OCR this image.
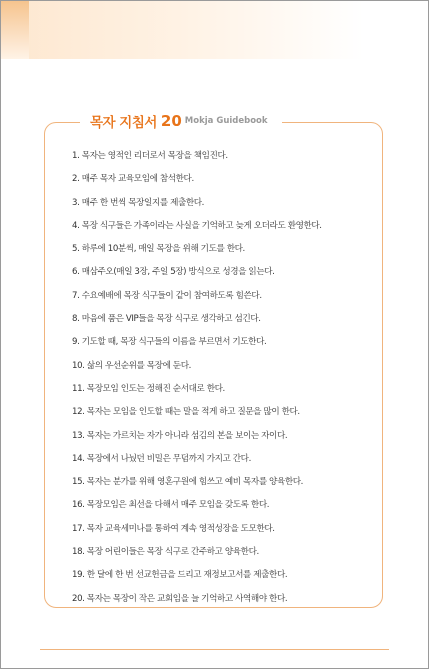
목자 지침서 20 Mokja Guidebook
1. 목자는 영적인 리더로서 목장을 책임진다.
2. 매주 목자 교육모임에 참석한다.
3. 매주 한 번씩 목장일지를 제출한다.
4. 목장 식구들은 가족이라는 사실을 기억하고 늦게 오더라도 환영한다.
5. 하루에 10분씩, 매일 목장을 위해 기도를 한다.
6. 매삼주오(매일 3장, 주일 5장) 방식으로 성경을 읽는다.
7. 수요예배에 목장 식구들이 같이 참여하도록 힘쓴다.
8. 마음에 품은 VIP들을 목장 식구로 생각하고 섬긴다.
9. 기도할 때, 목장 식구들의 이름을 부르면서 기도한다.
10. 삶의 우선순위를 목장에 둔다.
11. 목장모임 인도는 정해진 순서대로 한다.
12. 목자는 모임을 인도할 때는 말을 적게 하고 질문을 많이 한다.
13. 목자는 가르치는 자가 아니라 섬김의 본을 보이는 자이다.
14. 목장에서 나눴던 비밀은 무덤까지 가지고 간다.
15. 목자는 분가를 위해 영혼구원에 힘쓰고 예비 목자를 양육한다.
16. 목장모임은 최선을 다해서 매주 모임을 갖도록 한다.
17. 목자 교육세미나를 통하여 계속 영적성장을 도모한다.
18. 목장 어린이들은 목장 식구로 간주하고 양육한다.
19. 한 달에 한 번 선교헌금을 드리고 재정보고서를 제출한다.
20. 목자는 목장이 작은 교회임을 늘 기억하고 사역해야 한다.
